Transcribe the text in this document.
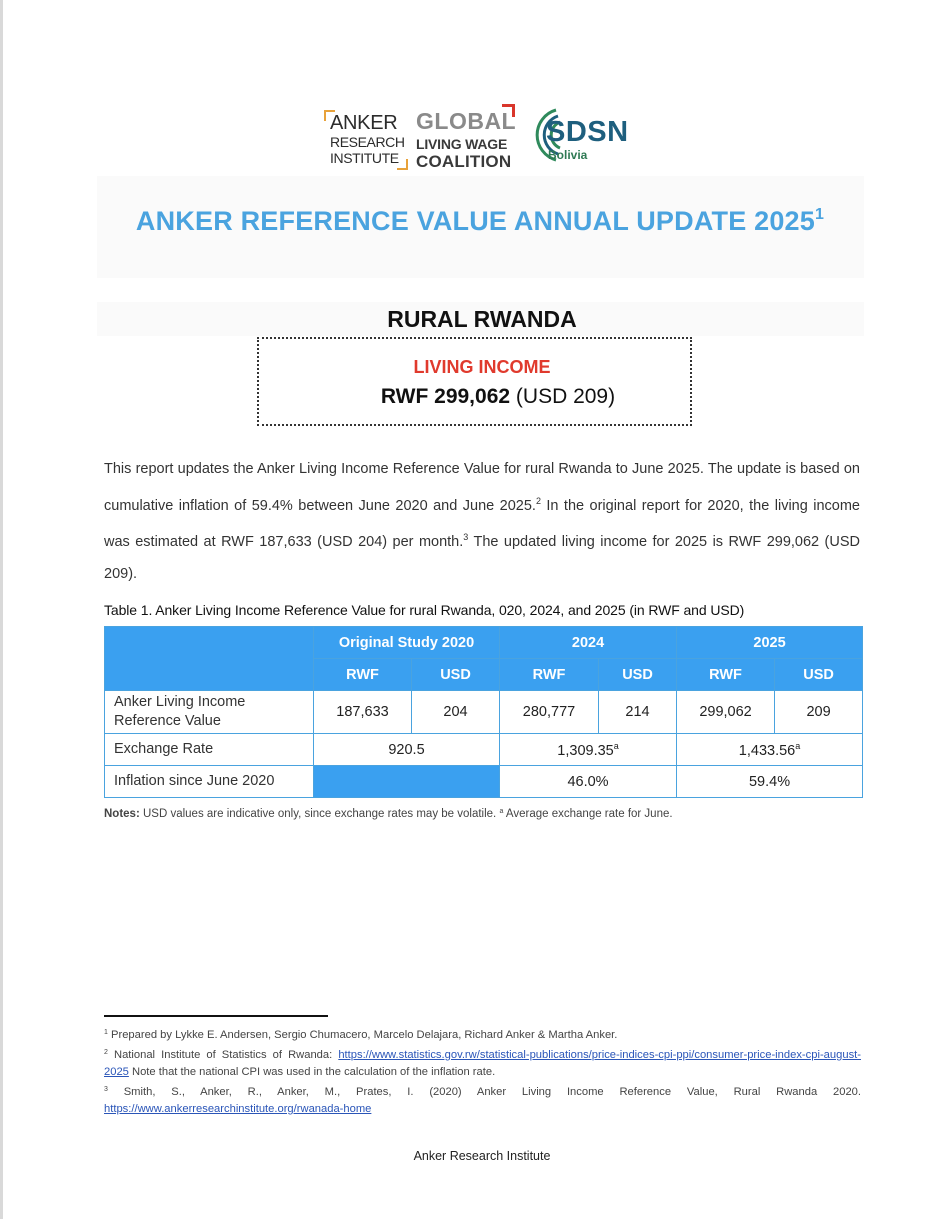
ANKER
RESEARCH
INSTITUTE
GLOBAL
LIVING WAGE
COALITION
SDSN
Bolivia
ANKER REFERENCE VALUE ANNUAL UPDATE 2025$^1$
RURAL RWANDA
LIVING INCOME
RWF 299,062 (USD 209)
This report updates the Anker Living Income Reference Value for rural Rwanda to June 2025. The update is based on cumulative inflation of 59.4% between June 2020 and June 2025.$^2$ In the original report for 2020, the living income was estimated at RWF 187,633 (USD 204) per month.$^3$ The updated living income for 2025 is RWF 299,062 (USD 209).
Table 1. Anker Living Income Reference Value for rural Rwanda, 020, 2024, and 2025 (in RWF and USD)
	Original Study 2020		2024		2025	
	RWF	USD	RWF	USD	RWF	USD
Anker Living Income Reference Value	187,633	204	280,777	214	299,062	209
Exchange Rate	920.5		1,309.35$^a$		1,433.56$^a$
Inflation since June 2020			46.0%		59.4%	
Notes: USD values are indicative only, since exchange rates may be volatile. $^a$ Average exchange rate for June.

$^1$ Prepared by Lykke E. Andersen, Sergio Chumacero, Marcelo Delajara, Richard Anker & Martha Anker.

$^2$ National Institute of Statistics of Rwanda: https://www.statistics.gov.rw/statistical-publications/price-indices-cpi-ppi/consumer-price-index-cpi-august-2025 Note that the national CPI was used in the calculation of the inflation rate.

$^3$ Smith, S., Anker, R., Anker, M., Prates, I. (2020) Anker Living Income Reference Value, Rural Rwanda 2020. https://www.ankerresearchinstitute.org/rwanada-home

Anker Research Institute
